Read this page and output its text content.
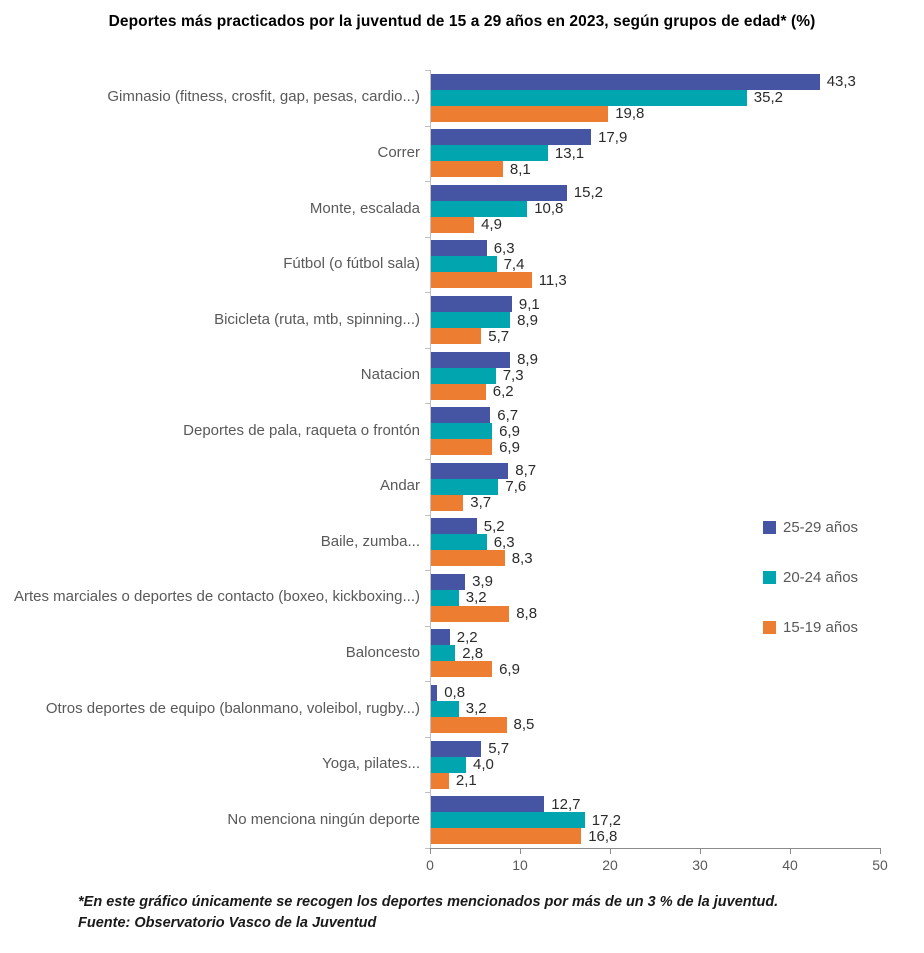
Deportes más practicados por la juventud de 15 a 29 años en 2023, según grupos de edad* (%)
Gimnasio (fitness, crosfit, gap, pesas, cardio...)
43,3
35,2
19,8
Correr
17,9
13,1
8,1
Monte, escalada
15,2
10,8
4,9
Fútbol (o fútbol sala)
6,3
7,4
11,3
Bicicleta (ruta, mtb, spinning...)
9,1
8,9
5,7
Natacion
8,9
7,3
6,2
Deportes de pala, raqueta o frontón
6,7
6,9
6,9
Andar
8,7
7,6
3,7
Baile, zumba...
5,2
6,3
8,3
Artes marciales o deportes de contacto (boxeo, kickboxing...)
3,9
3,2
8,8
Baloncesto
2,2
2,8
6,9
Otros deportes de equipo (balonmano, voleibol, rugby...)
0,8
3,2
8,5
Yoga, pilates...
5,7
4,0
2,1
No menciona ningún deporte
12,7
17,2
16,8
0	10	20	30	40	50
25-29 años
20-24 años
15-19 años
*En este gráfico únicamente se recogen los deportes mencionados por más de un 3 % de la juventud.
Fuente: Observatorio Vasco de la Juventud
